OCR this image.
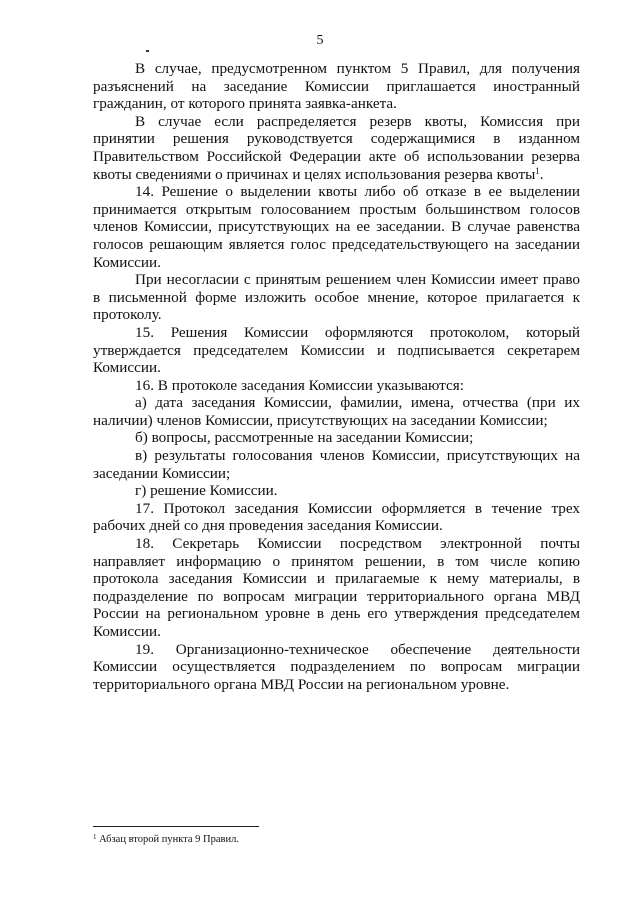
5

В случае, предусмотренном пунктом 5 Правил, для получения разъяснений на заседание Комиссии приглашается иностранный гражданин, от которого принята заявка-анкета.

В случае если распределяется резерв квоты, Комиссия при принятии решения руководствуется содержащимися в изданном Правительством Российской Федерации акте об использовании резерва квоты сведениями о причинах и целях использования резерва квоты$^1$.

14. Решение о выделении квоты либо об отказе в ее выделении принимается открытым голосованием простым большинством голосов членов Комиссии, присутствующих на ее заседании. В случае равенства голосов решающим является голос председательствующего на заседании Комиссии.

При несогласии с принятым решением член Комиссии имеет право в письменной форме изложить особое мнение, которое прилагается к протоколу.

15. Решения Комиссии оформляются протоколом, который утверждается председателем Комиссии и подписывается секретарем Комиссии.

16. В протоколе заседания Комиссии указываются:

а) дата заседания Комиссии, фамилии, имена, отчества (при их наличии) членов Комиссии, присутствующих на заседании Комиссии;

б) вопросы, рассмотренные на заседании Комиссии;

в) результаты голосования членов Комиссии, присутствующих на заседании Комиссии;

г) решение Комиссии.

17. Протокол заседания Комиссии оформляется в течение трех рабочих дней со дня проведения заседания Комиссии.

18. Секретарь Комиссии посредством электронной почты направляет информацию о принятом решении, в том числе копию протокола заседания Комиссии и прилагаемые к нему материалы, в подразделение по вопросам миграции территориального органа МВД России на региональном уровне в день его утверждения председателем Комиссии.

19. Организационно-техническое обеспечение деятельности Комиссии осуществляется подразделением по вопросам миграции территориального органа МВД России на региональном уровне.

$^1$ Абзац второй пункта 9 Правил.
